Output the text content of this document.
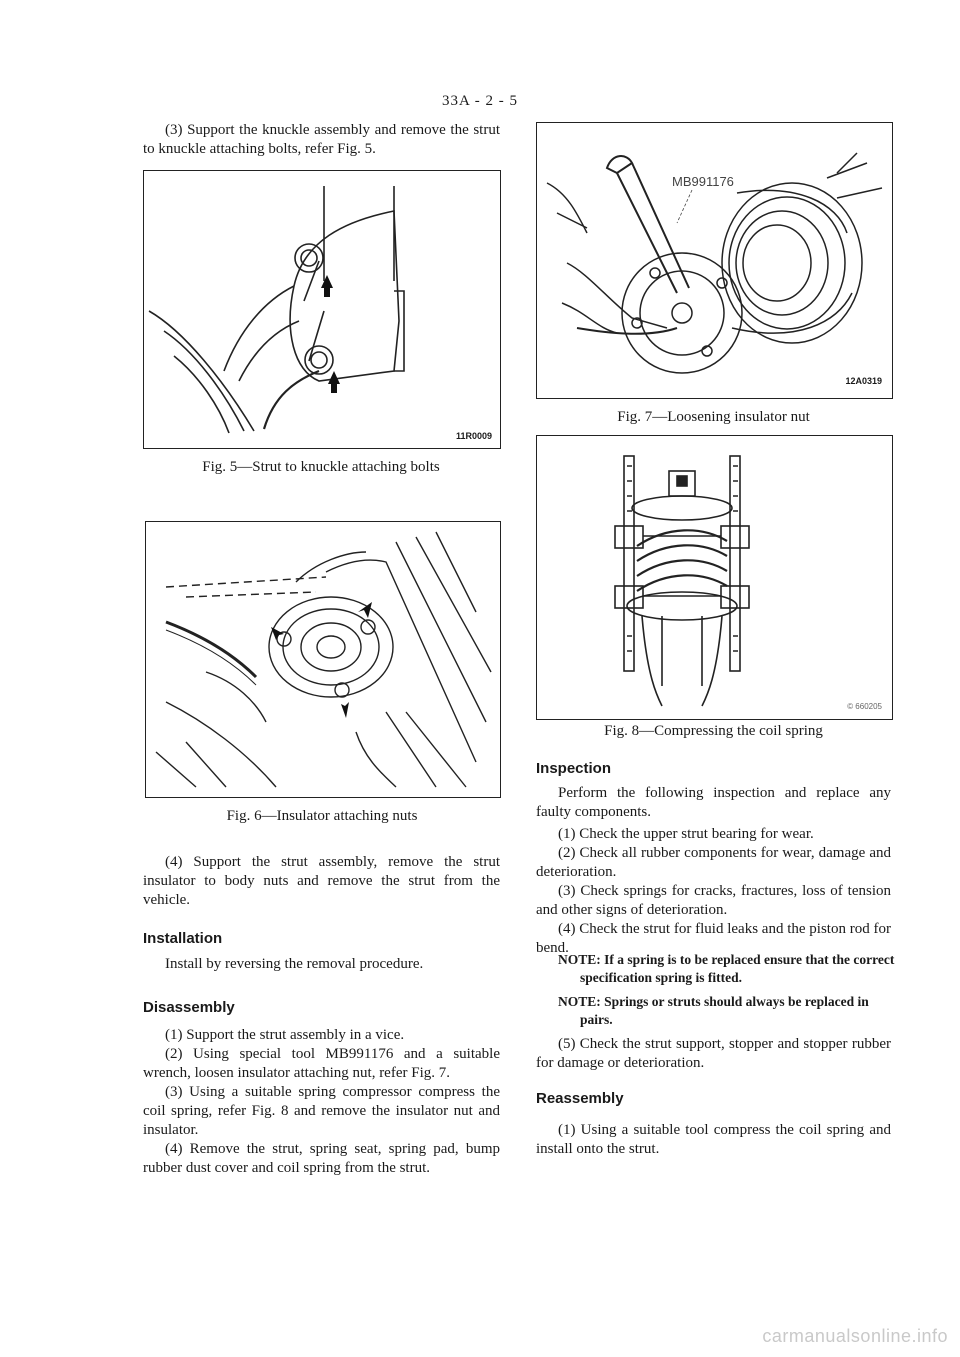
33A - 2 - 5

(3) Support the knuckle assembly and remove the strut to knuckle attaching bolts, refer Fig. 5.

11R0009
Fig. 5—Strut to knuckle attaching bolts
Fig. 6—Insulator attaching nuts

(4) Support the strut assembly, remove the strut insulator to body nuts and remove the strut from the vehicle.

Installation

Install by reversing the removal procedure.

Disassembly

(1) Support the strut assembly in a vice.

(2) Using special tool MB991176 and a suitable wrench, loosen insulator attaching nut, refer Fig. 7.

(3) Using a suitable spring compressor compress the coil spring, refer Fig. 8 and remove the insulator nut and insulator.

(4) Remove the strut, spring seat, spring pad, bump rubber dust cover and coil spring from the strut.

MB991176
12A0319
Fig. 7—Loosening insulator nut
© 660205
Fig. 8—Compressing the coil spring
Inspection

Perform the following inspection and replace any faulty components.

(1) Check the upper strut bearing for wear.

(2) Check all rubber components for wear, damage and deterioration.

(3) Check springs for cracks, fractures, loss of tension and other signs of deterioration.

(4) Check the strut for fluid leaks and the piston rod for bend.

NOTE: If a spring is to be replaced ensure that the correct specification spring is fitted.

NOTE: Springs or struts should always be replaced in pairs.

(5) Check the strut support, stopper and stopper rubber for damage or deterioration.

Reassembly

(1) Using a suitable tool compress the coil spring and install onto the strut.

carmanualsonline.info
